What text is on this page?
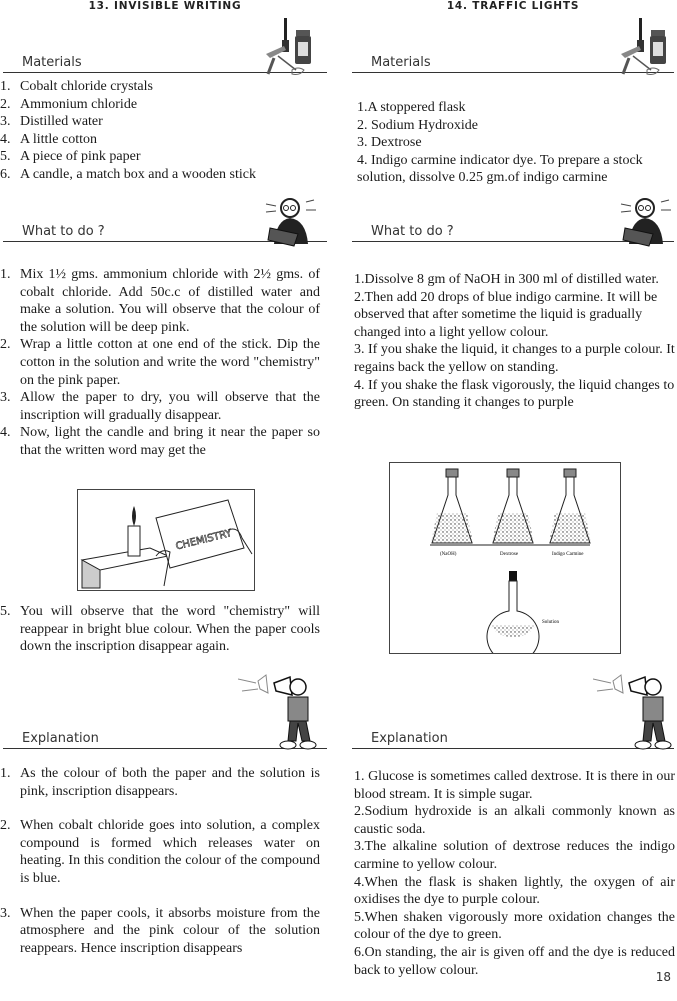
13. INVISIBLE WRITING
Materials
1. Cobalt chloride crystals
2. Ammonium chloride
3. Distilled water
4. A little cotton
5. A piece of pink paper
6. A candle, a match box and a wooden stick
What to do ?
1. Mix 1½ gms. ammonium chloride with 2½ gms. of cobalt chloride. Add 50c.c of distilled water and make a solution. You will observe that the colour of the solution will be deep pink.
2. Wrap a little cotton at one end of the stick. Dip the cotton in the solution and write the word "chemistry" on the pink paper.
3. Allow the paper to dry, you will observe that the inscription will gradually disappear.
4. Now, light the candle and bring it near the paper so that the written word may get the
CHEMISTRY
5. You will observe that the word "chemistry" will reappear in bright blue colour. When the paper cools down the inscription disappear again.
Explanation
1. As the colour of both the paper and the solution is pink, inscription disappears.
2. When cobalt chloride goes into solution, a complex compound is formed which releases water on heating. In this condition the colour of the compound is blue.
3. When the paper cools, it absorbs moisture from the atmosphere and the pink colour of the solution reappears. Hence inscription disappears
14. TRAFFIC LIGHTS
Materials

1.A stoppered flask

2. Sodium Hydroxide

3. Dextrose

4. Indigo carmine indicator dye. To prepare a stock solution, dissolve 0.25 gm.of indigo carmine

What to do ?

1.Dissolve 8 gm of NaOH in 300 ml of distilled water.

2.Then add 20 drops of blue indigo carmine. It will be observed that after sometime the liquid is gradually changed into a light yellow colour.

3. If you shake the liquid, it changes to a purple colour. It regains back the yellow on standing.

4. If you shake the flask vigorously, the liquid changes to green. On standing it changes to purple

(NaOH)	Dextrose	Indigo Carmine
Solution
Explanation

1. Glucose is sometimes called dextrose. It is there in our blood stream. It is simple sugar.

2.Sodium hydroxide is an alkali commonly known as caustic soda.

3.The alkaline solution of dextrose reduces the indigo carmine to yellow colour.

4.When the flask is shaken lightly, the oxygen of air oxidises the dye to purple colour.

5.When shaken vigorously more oxidation changes the colour of the dye to green.

6.On standing, the air is given off and the dye is reduced back to yellow colour.	18
